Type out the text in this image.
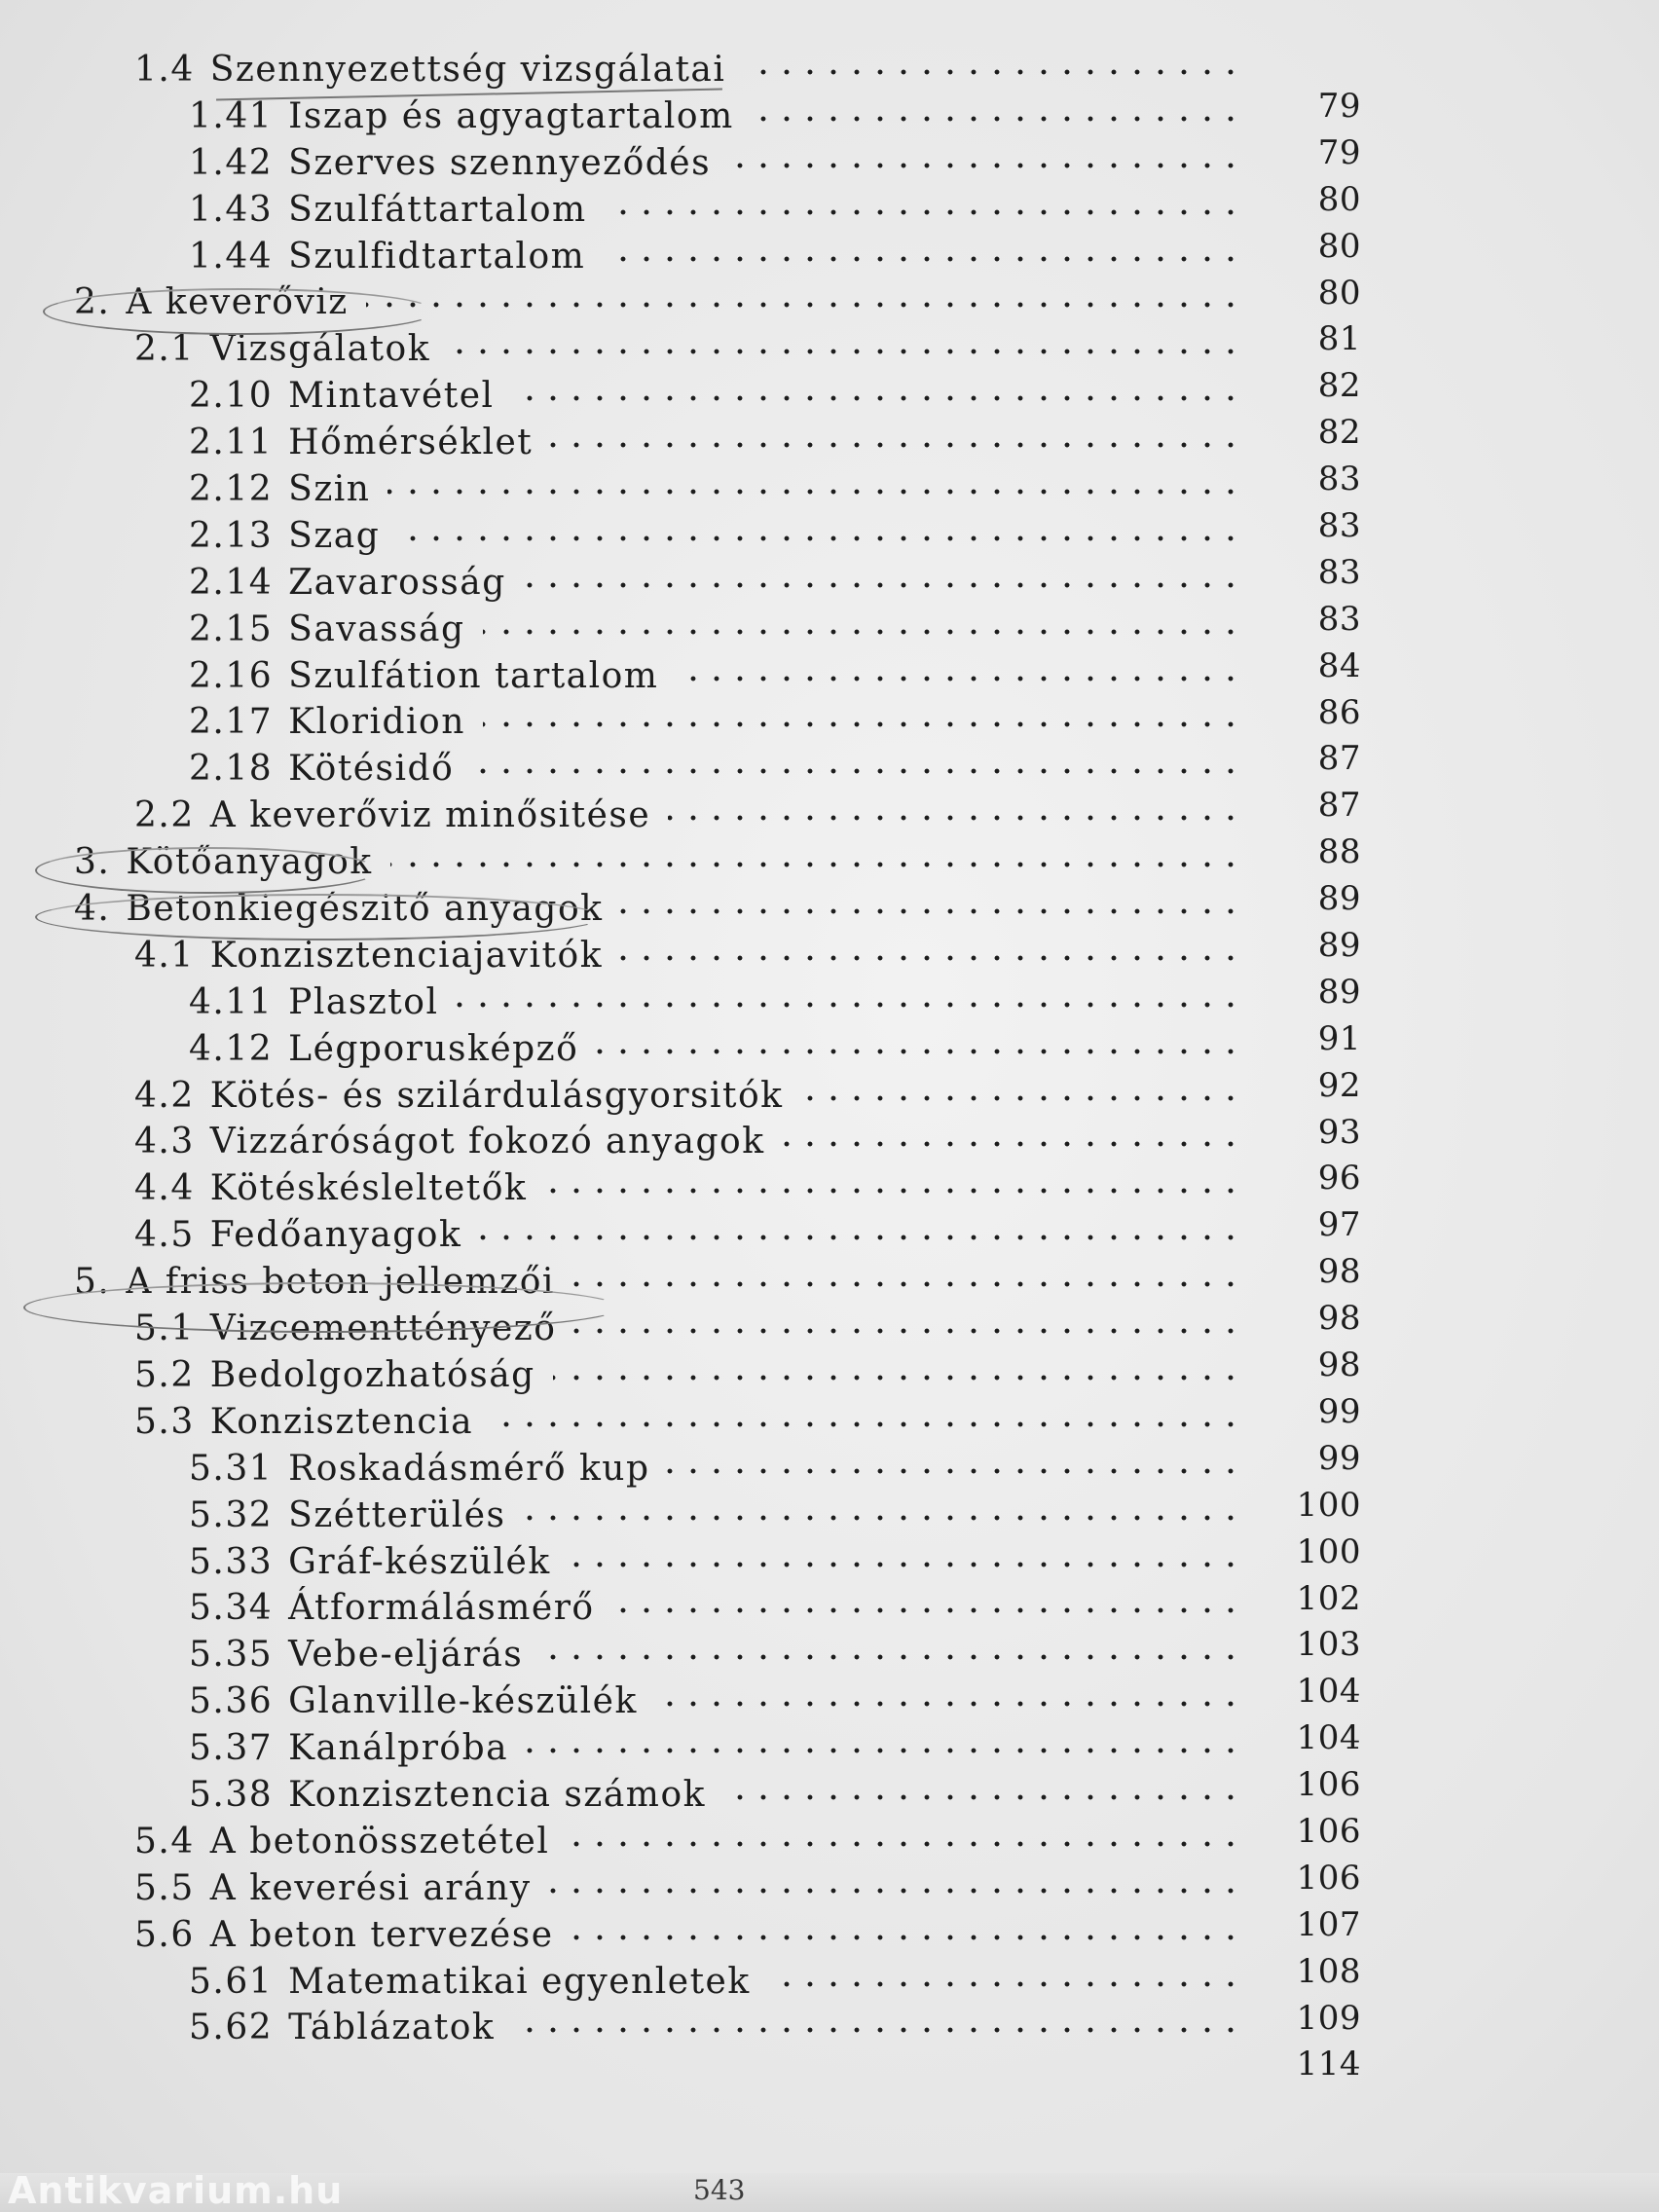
1.4 Szennyezettség vizsgálatai
79
1.41 Iszap és agyagtartalom
79
1.42 Szerves szennyeződés
80
1.43 Szulfáttartalom
80
1.44 Szulfidtartalom
80
2. A keverőviz
81
2.1 Vizsgálatok
82
2.10 Mintavétel
82
2.11 Hőmérséklet
83
2.12 Szin
83
2.13 Szag
83
2.14 Zavarosság
83
2.15 Savasság
84
2.16 Szulfátion tartalom
86
2.17 Kloridion
87
2.18 Kötésidő
87
2.2 A keverőviz minősitése
88
3. Kötőanyagok
89
4. Betonkiegészitő anyagok
89
4.1 Konzisztenciajavitók
89
4.11 Plasztol
91
4.12 Légporusképző
92
4.2 Kötés- és szilárdulásgyorsitók
93
4.3 Vizzáróságot fokozó anyagok
96
4.4 Kötéskésleltetők
97
4.5 Fedőanyagok
98
5. A friss beton jellemzői
98
5.1 Vizcementtényező
98
5.2 Bedolgozhatóság
99
5.3 Konzisztencia
99
5.31 Roskadásmérő kup
100
5.32 Szétterülés
100
5.33 Gráf-készülék
102
5.34 Átformálásmérő
103
5.35 Vebe-eljárás
104
5.36 Glanville-készülék
104
5.37 Kanálpróba
106
5.38 Konzisztencia számok
106
5.4 A betonösszetétel
106
5.5 A keverési arány
107
5.6 A beton tervezése
108
5.61 Matematikai egyenletek
109
5.62 Táblázatok
114
Antikvarium.hu	543
